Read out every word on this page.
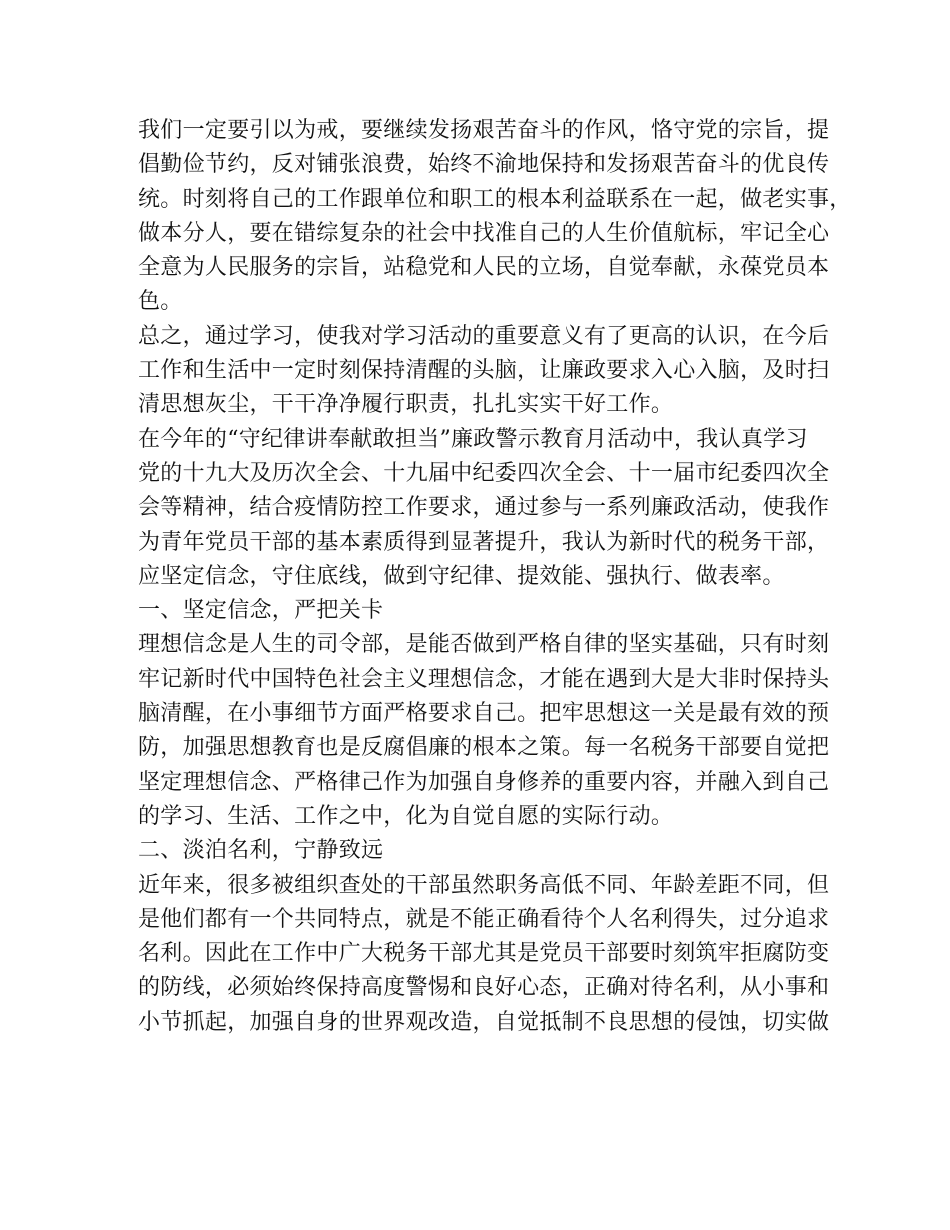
我们一定要引以为戒，要继续发扬艰苦奋斗的作风，恪守党的宗旨，提
倡勤俭节约，反对铺张浪费，始终不渝地保持和发扬艰苦奋斗的优良传
统。时刻将自己的工作跟单位和职工的根本利益联系在一起，做老实事，
做本分人，要在错综复杂的社会中找准自己的人生价值航标，牢记全心
全意为人民服务的宗旨，站稳党和人民的立场，自觉奉献，永葆党员本
色。
总之，通过学习，使我对学习活动的重要意义有了更高的认识，在今后
工作和生活中一定时刻保持清醒的头脑，让廉政要求入心入脑，及时扫
清思想灰尘，干干净净履行职责，扎扎实实干好工作。
在今年的“守纪律讲奉献敢担当”廉政警示教育月活动中，我认真学习
党的十九大及历次全会、十九届中纪委四次全会、十一届市纪委四次全
会等精神，结合疫情防控工作要求，通过参与一系列廉政活动，使我作
为青年党员干部的基本素质得到显著提升，我认为新时代的税务干部，
应坚定信念，守住底线，做到守纪律、提效能、强执行、做表率。
一、坚定信念，严把关卡
理想信念是人生的司令部，是能否做到严格自律的坚实基础，只有时刻
牢记新时代中国特色社会主义理想信念，才能在遇到大是大非时保持头
脑清醒，在小事细节方面严格要求自己。把牢思想这一关是最有效的预
防，加强思想教育也是反腐倡廉的根本之策。每一名税务干部要自觉把
坚定理想信念、严格律己作为加强自身修养的重要内容，并融入到自己
的学习、生活、工作之中，化为自觉自愿的实际行动。
二、淡泊名利，宁静致远
近年来，很多被组织查处的干部虽然职务高低不同、年龄差距不同，但
是他们都有一个共同特点，就是不能正确看待个人名利得失，过分追求
名利。因此在工作中广大税务干部尤其是党员干部要时刻筑牢拒腐防变
的防线，必须始终保持高度警惕和良好心态，正确对待名利，从小事和
小节抓起，加强自身的世界观改造，自觉抵制不良思想的侵蚀，切实做
